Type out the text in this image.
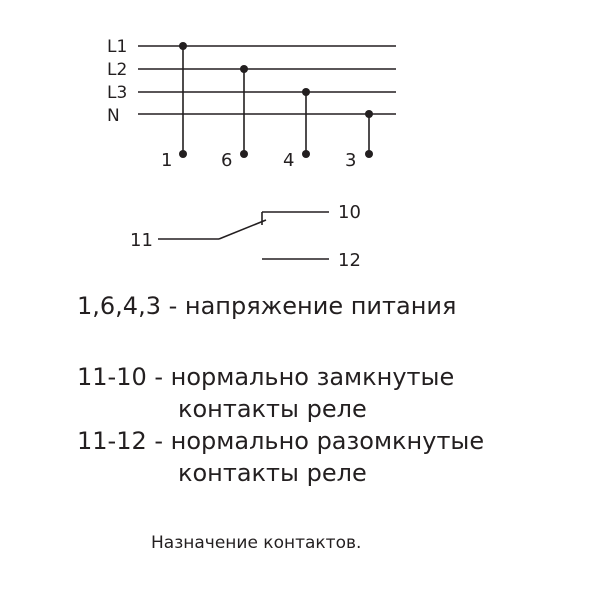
L1
L2
L3
N
1	6	4	3
11
10
12
1,6,4,3 - напряжение питания
11-10 - нормально замкнутые
контакты реле
11-12 - нормально разомкнутые
контакты реле
Назначение контактов.
